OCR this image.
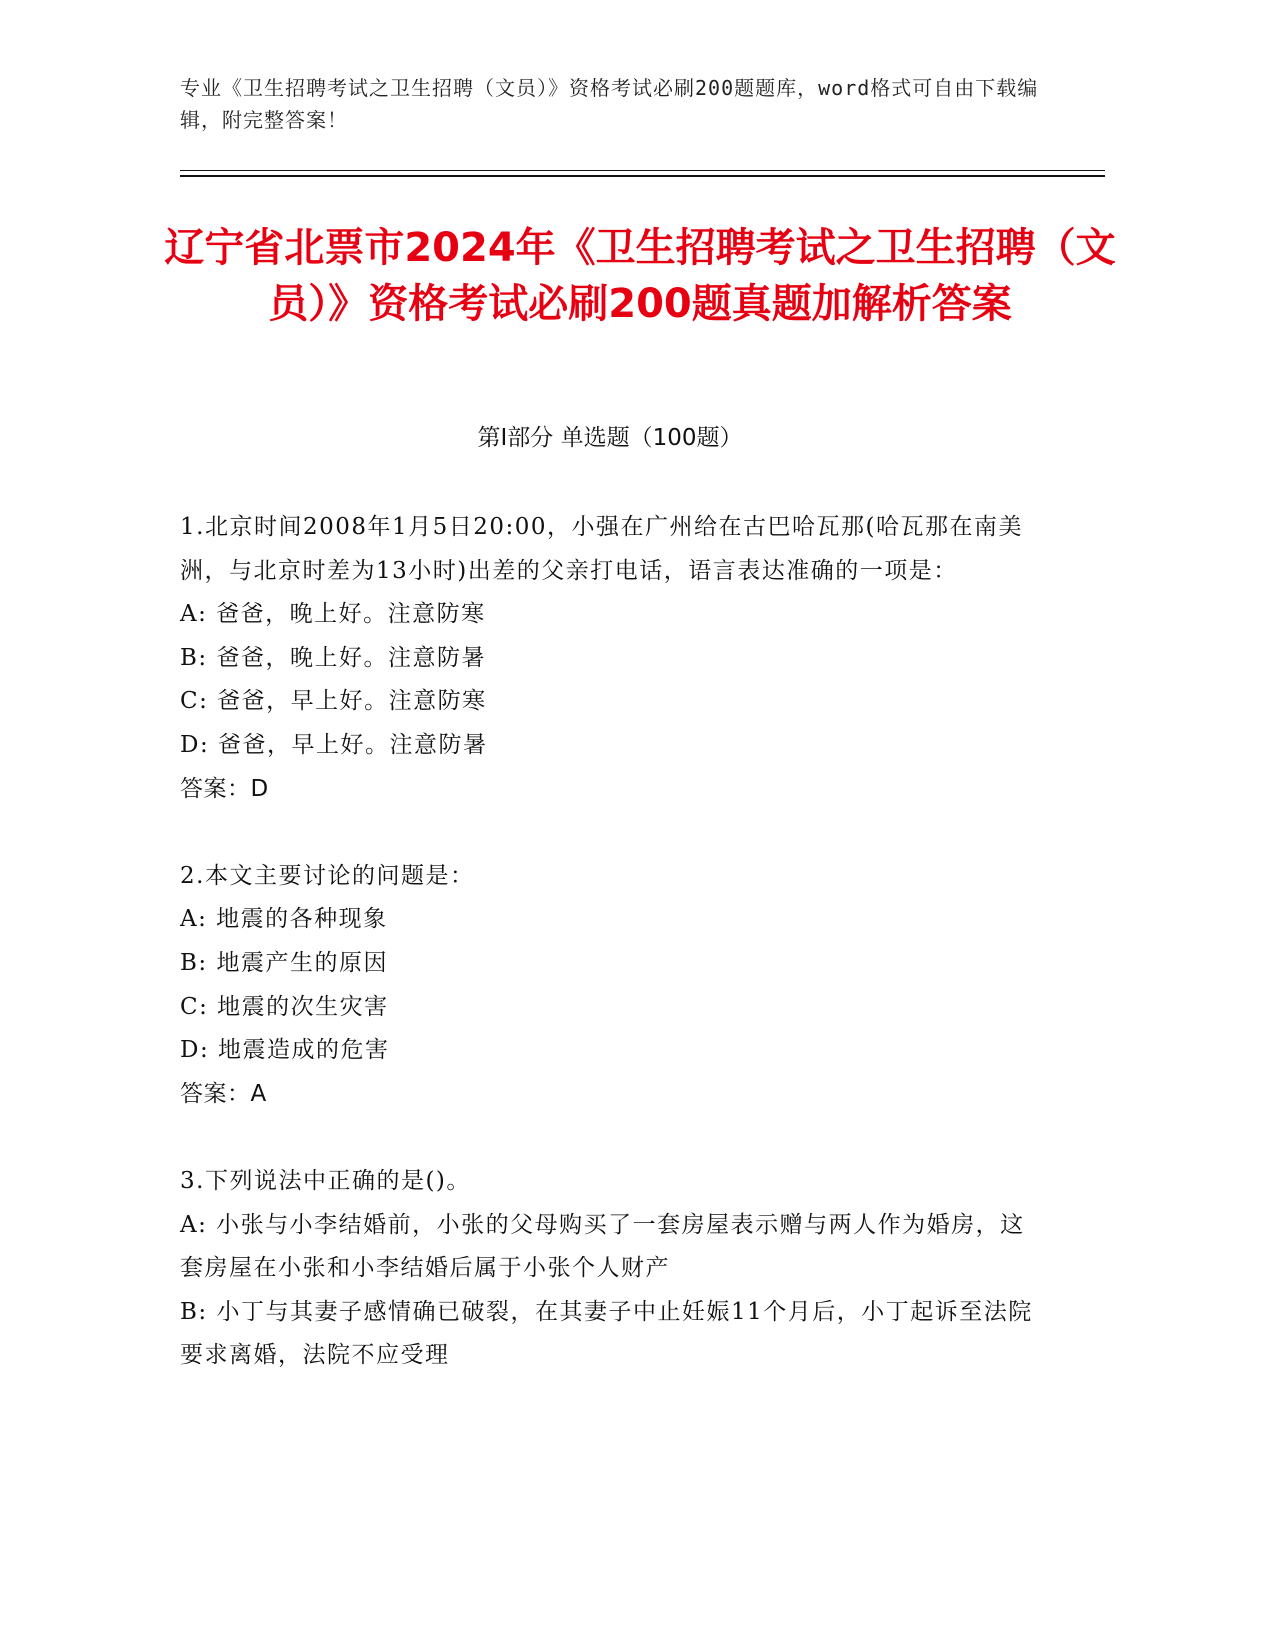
专业《卫生招聘考试之卫生招聘（文员）》资格考试必刷200题题库，word格式可自由下载编辑，附完整答案！
辽宁省北票市2024年《卫生招聘考试之卫生招聘（文员）》资格考试必刷200题真题加解析答案
第Ⅰ部分 单选题（100题）
1.北京时间2008年1月5日20:00，小强在广州给在古巴哈瓦那(哈瓦那在南美洲，与北京时差为13小时)出差的父亲打电话，语言表达准确的一项是：
A: 爸爸，晚上好。注意防寒
B: 爸爸，晚上好。注意防暑
C: 爸爸，早上好。注意防寒
D: 爸爸，早上好。注意防暑
答案：D
2.本文主要讨论的问题是：
A: 地震的各种现象
B: 地震产生的原因
C: 地震的次生灾害
D: 地震造成的危害
答案：A
3.下列说法中正确的是()。
A: 小张与小李结婚前，小张的父母购买了一套房屋表示赠与两人作为婚房，这套房屋在小张和小李结婚后属于小张个人财产
B: 小丁与其妻子感情确已破裂，在其妻子中止妊娠11个月后，小丁起诉至法院要求离婚，法院不应受理
